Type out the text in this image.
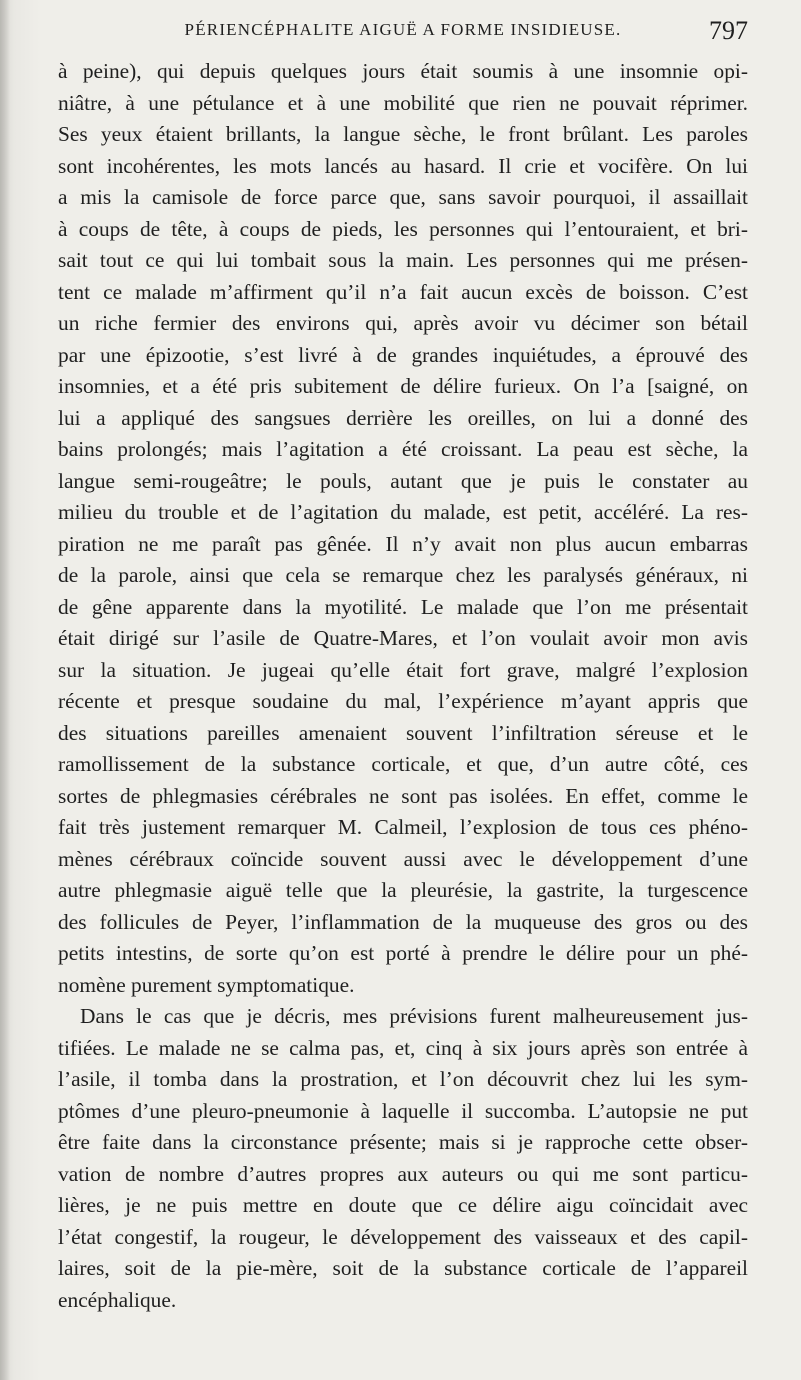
PÉRIENCÉPHALITE AIGUË A FORME INSIDIEUSE.	797
à peine), qui depuis quelques jours était soumis à une insomnie opi-
niâtre, à une pétulance et à une mobilité que rien ne pouvait réprimer.
Ses yeux étaient brillants, la langue sèche, le front brûlant. Les paroles
sont incohérentes, les mots lancés au hasard. Il crie et vocifère. On lui
a mis la camisole de force parce que, sans savoir pourquoi, il assaillait
à coups de tête, à coups de pieds, les personnes qui l’entouraient, et bri-
sait tout ce qui lui tombait sous la main. Les personnes qui me présen-
tent ce malade m’affirment qu’il n’a fait aucun excès de boisson. C’est
un riche fermier des environs qui, après avoir vu décimer son bétail
par une épizootie, s’est livré à de grandes inquiétudes, a éprouvé des
insomnies, et a été pris subitement de délire furieux. On l’a [saigné, on
lui a appliqué des sangsues derrière les oreilles, on lui a donné des
bains prolongés; mais l’agitation a été croissant. La peau est sèche, la
langue semi-rougeâtre; le pouls, autant que je puis le constater au
milieu du trouble et de l’agitation du malade, est petit, accéléré. La res-
piration ne me paraît pas gênée. Il n’y avait non plus aucun embarras
de la parole, ainsi que cela se remarque chez les paralysés généraux, ni
de gêne apparente dans la myotilité. Le malade que l’on me présentait
était dirigé sur l’asile de Quatre-Mares, et l’on voulait avoir mon avis
sur la situation. Je jugeai qu’elle était fort grave, malgré l’explosion
récente et presque soudaine du mal, l’expérience m’ayant appris que
des situations pareilles amenaient souvent l’infiltration séreuse et le
ramollissement de la substance corticale, et que, d’un autre côté, ces
sortes de phlegmasies cérébrales ne sont pas isolées. En effet, comme le
fait très justement remarquer M. Calmeil, l’explosion de tous ces phéno-
mènes cérébraux coïncide souvent aussi avec le développement d’une
autre phlegmasie aiguë telle que la pleurésie, la gastrite, la turgescence
des follicules de Peyer, l’inflammation de la muqueuse des gros ou des
petits intestins, de sorte qu’on est porté à prendre le délire pour un phé-
nomène purement symptomatique.
Dans le cas que je décris, mes prévisions furent malheureusement jus-
tifiées. Le malade ne se calma pas, et, cinq à six jours après son entrée à
l’asile, il tomba dans la prostration, et l’on découvrit chez lui les sym-
ptômes d’une pleuro-pneumonie à laquelle il succomba. L’autopsie ne put
être faite dans la circonstance présente; mais si je rapproche cette obser-
vation de nombre d’autres propres aux auteurs ou qui me sont particu-
lières, je ne puis mettre en doute que ce délire aigu coïncidait avec
l’état congestif, la rougeur, le développement des vaisseaux et des capil-
laires, soit de la pie-mère, soit de la substance corticale de l’appareil
encéphalique.
